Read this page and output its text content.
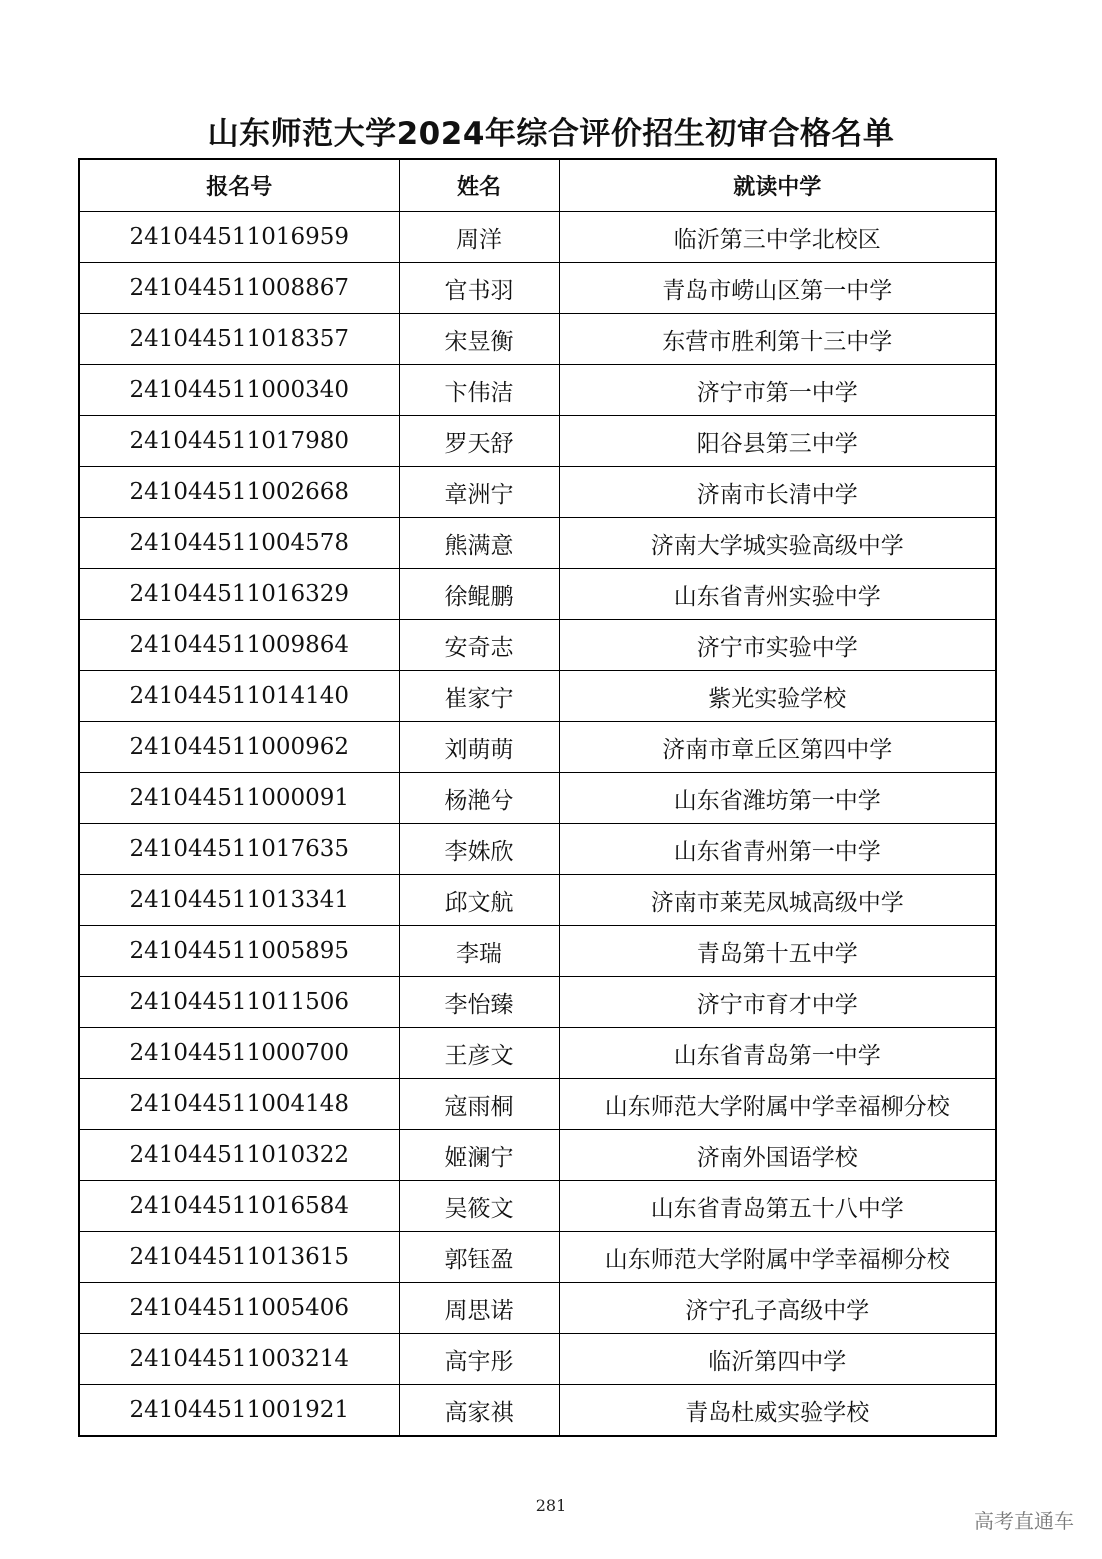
山东师范大学2024年综合评价招生初审合格名单
报名号	姓名	就读中学
241044511016959	周洋	临沂第三中学北校区
241044511008867	官书羽	青岛市崂山区第一中学
241044511018357	宋昱衡	东营市胜利第十三中学
241044511000340	卞伟洁	济宁市第一中学
241044511017980	罗天舒	阳谷县第三中学
241044511002668	章洲宁	济南市长清中学
241044511004578	熊满意	济南大学城实验高级中学
241044511016329	徐鲲鹏	山东省青州实验中学
241044511009864	安奇志	济宁市实验中学
241044511014140	崔家宁	紫光实验学校
241044511000962	刘萌萌	济南市章丘区第四中学
241044511000091	杨滟兮	山东省潍坊第一中学
241044511017635	李姝欣	山东省青州第一中学
241044511013341	邱文航	济南市莱芜凤城高级中学
241044511005895	李瑞	青岛第十五中学
241044511011506	李怡臻	济宁市育才中学
241044511000700	王彦文	山东省青岛第一中学
241044511004148	寇雨桐	山东师范大学附属中学幸福柳分校
241044511010322	姬澜宁	济南外国语学校
241044511016584	吴筱文	山东省青岛第五十八中学
241044511013615	郭钰盈	山东师范大学附属中学幸福柳分校
241044511005406	周思诺	济宁孔子高级中学
241044511003214	高宇彤	临沂第四中学
241044511001921	高家祺	青岛杜威实验学校
281
高考直通车
